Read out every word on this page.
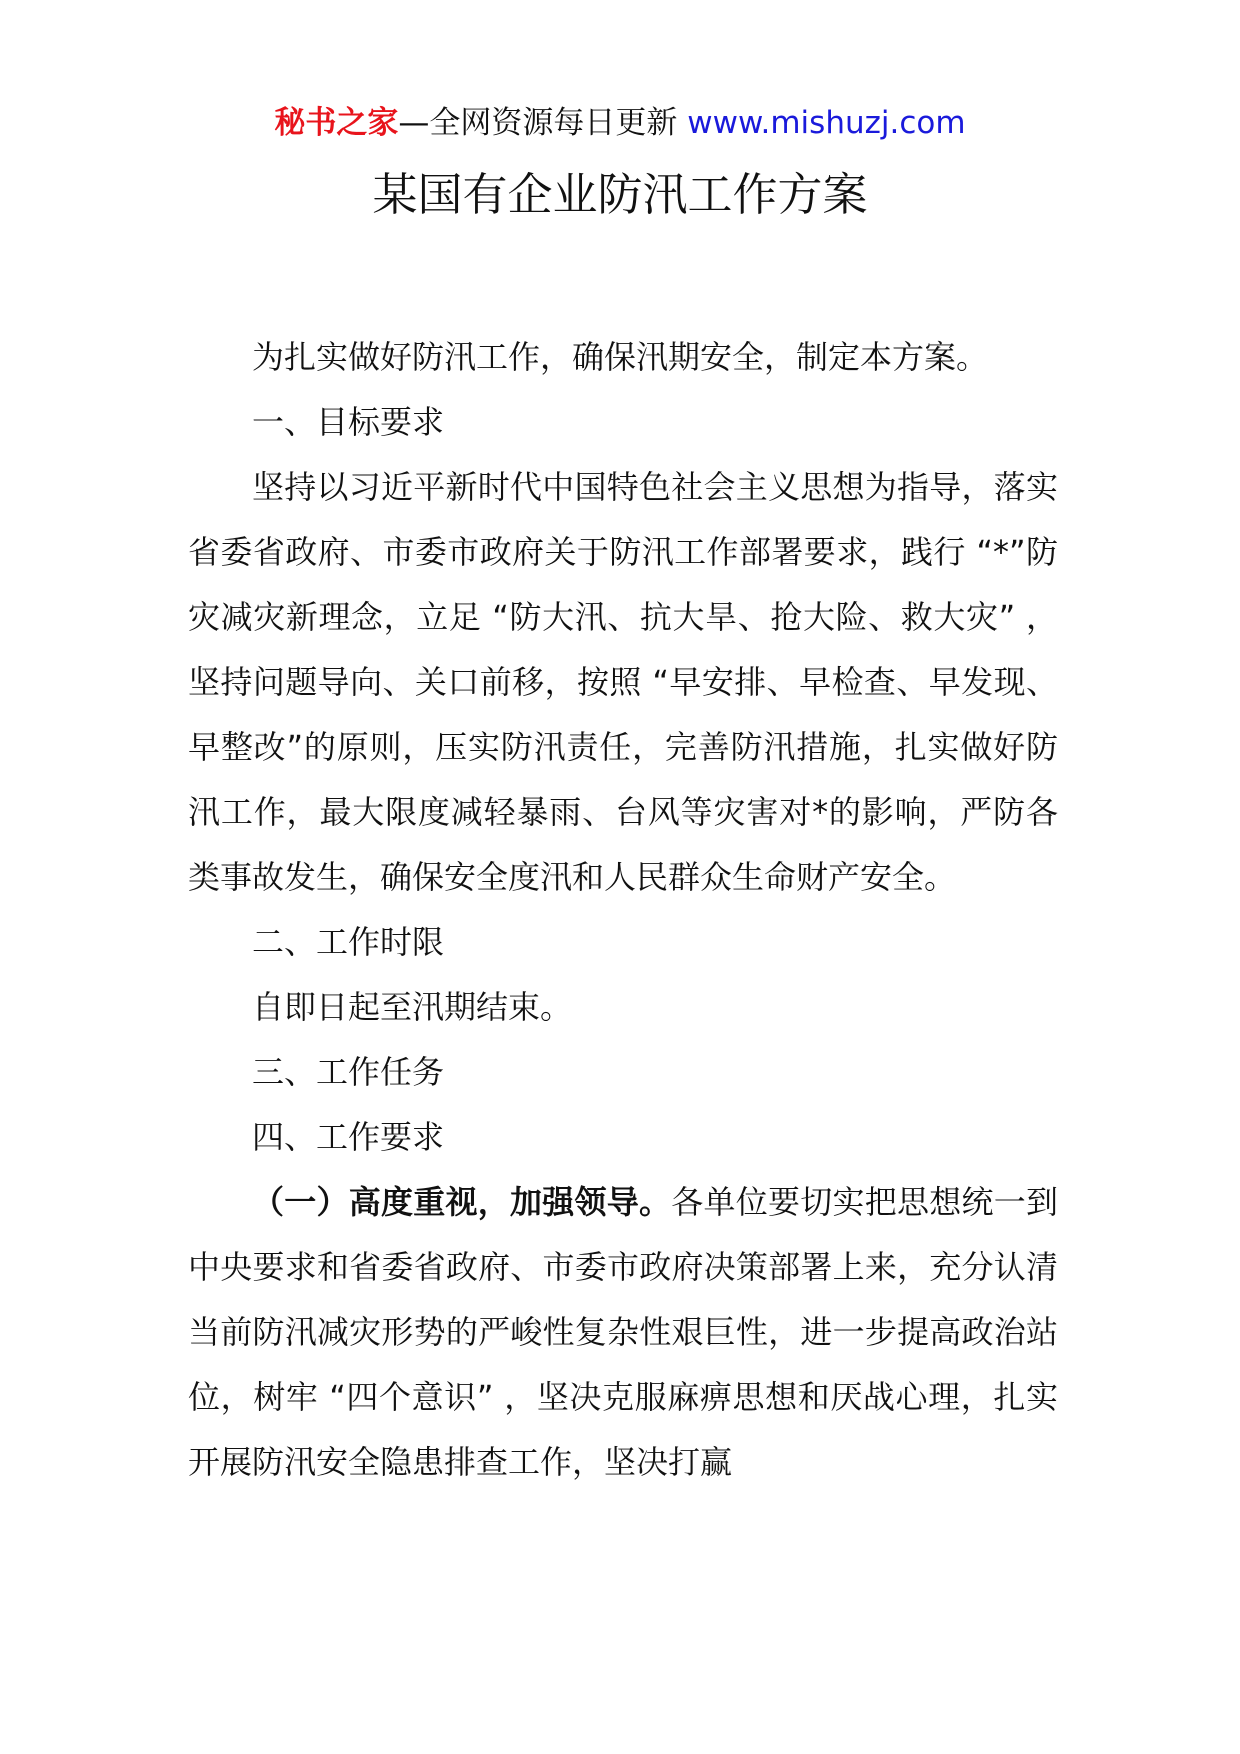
秘书之家—全网资源每日更新 www.mishuzj.com
某国有企业防汛工作方案

为扎实做好防汛工作，确保汛期安全，制定本方案。

一、目标要求

坚持以习近平新时代中国特色社会主义思想为指导，落实省委省政府、市委市政府关于防汛工作部署要求，践行 “*”防灾减灾新理念，立足 “防大汛、抗大旱、抢大险、救大灾” ，坚持问题导向、关口前移，按照 “早安排、早检查、早发现、早整改”的原则，压实防汛责任，完善防汛措施，扎实做好防汛工作，最大限度减轻暴雨、台风等灾害对*的影响，严防各类事故发生，确保安全度汛和人民群众生命财产安全。

二、工作时限

自即日起至汛期结束。

三、工作任务

四、工作要求

（一）高度重视，加强领导。各单位要切实把思想统一到中央要求和省委省政府、市委市政府决策部署上来，充分认清当前防汛减灾形势的严峻性复杂性艰巨性，进一步提高政治站位，树牢 “四个意识” ，坚决克服麻痹思想和厌战心理，扎实开展防汛安全隐患排查工作，坚决打赢
